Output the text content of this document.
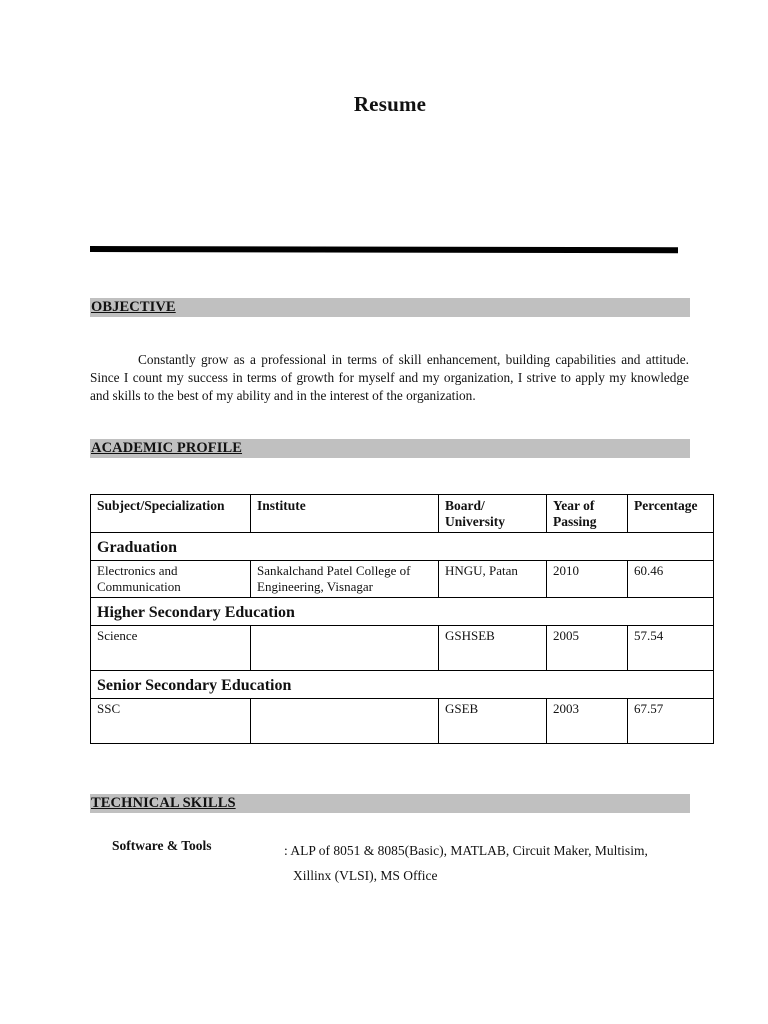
Resume
OBJECTIVE
Constantly grow as a professional in terms of skill enhancement, building capabilities and attitude. Since I count my success in terms of growth for myself and my organization, I strive to apply my knowledge and skills to the best of my ability and in the interest of the organization.
ACADEMIC PROFILE
Subject/Specialization	Institute	Board/ University	Year of Passing	Percentage
Graduation				
Electronics and Communication	Sankalchand Patel College of Engineering, Visnagar	HNGU, Patan	2010	60.46
Higher Secondary Education				
Science		GSHSEB	2005	57.54
Senior Secondary Education				
SSC		GSEB	2003	67.57
TECHNICAL SKILLS
Software & Tools	: ALP of 8051 & 8085(Basic), MATLAB, Circuit Maker, Multisim,
Xillinx (VLSI), MS Office
